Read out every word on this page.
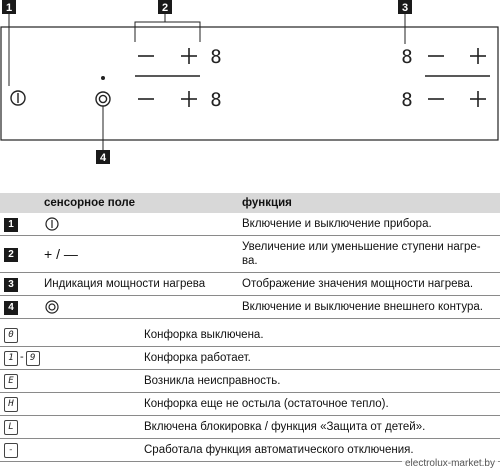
1	2	3
4
8
8
8
8
	сенсорное поле	функция
1		Включение и выключение прибора.
2	+ / —	Увеличение или уменьшение ступени нагре-ва.
3	Индикация мощности нагрева	Отображение значения мощности нагрева.
4		Включение и выключение внешнего контура.
0	Конфорка выключена.
1 - 9	Конфорка работает.
E	Возникла неисправность.
H	Конфорка еще не остыла (остаточное тепло).
L	Включена блокировка / функция «Защита от детей».
-	Сработала функция автоматического отключения.
electrolux-market.by
